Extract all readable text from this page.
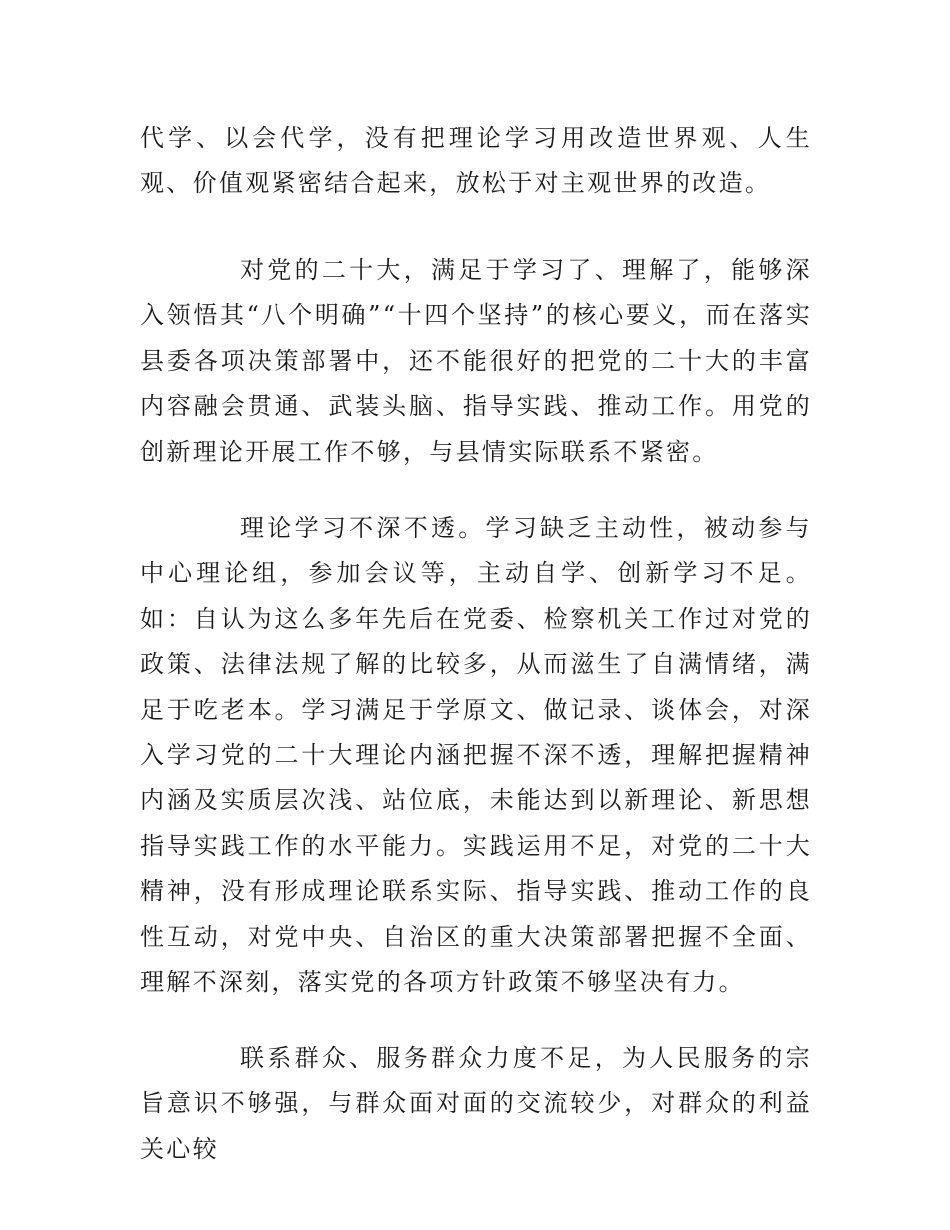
代学、以会代学，没有把理论学习用改造世界观、人生观、价值观紧密结合起来，放松于对主观世界的改造。

对党的二十大，满足于学习了、理解了，能够深入领悟其“八个明确”“十四个坚持”的核心要义，而在落实县委各项决策部署中，还不能很好的把党的二十大的丰富内容融会贯通、武装头脑、指导实践、推动工作。用党的创新理论开展工作不够，与县情实际联系不紧密。

理论学习不深不透。学习缺乏主动性，被动参与中心理论组，参加会议等，主动自学、创新学习不足。如：自认为这么多年先后在党委、检察机关工作过对党的政策、法律法规了解的比较多，从而滋生了自满情绪，满足于吃老本。学习满足于学原文、做记录、谈体会，对深入学习党的二十大理论内涵把握不深不透，理解把握精神内涵及实质层次浅、站位底，未能达到以新理论、新思想指导实践工作的水平能力。实践运用不足，对党的二十大精神，没有形成理论联系实际、指导实践、推动工作的良性互动，对党中央、自治区的重大决策部署把握不全面、理解不深刻，落实党的各项方针政策不够坚决有力。

联系群众、服务群众力度不足，为人民服务的宗旨意识不够强，与群众面对面的交流较少，对群众的利益关心较
